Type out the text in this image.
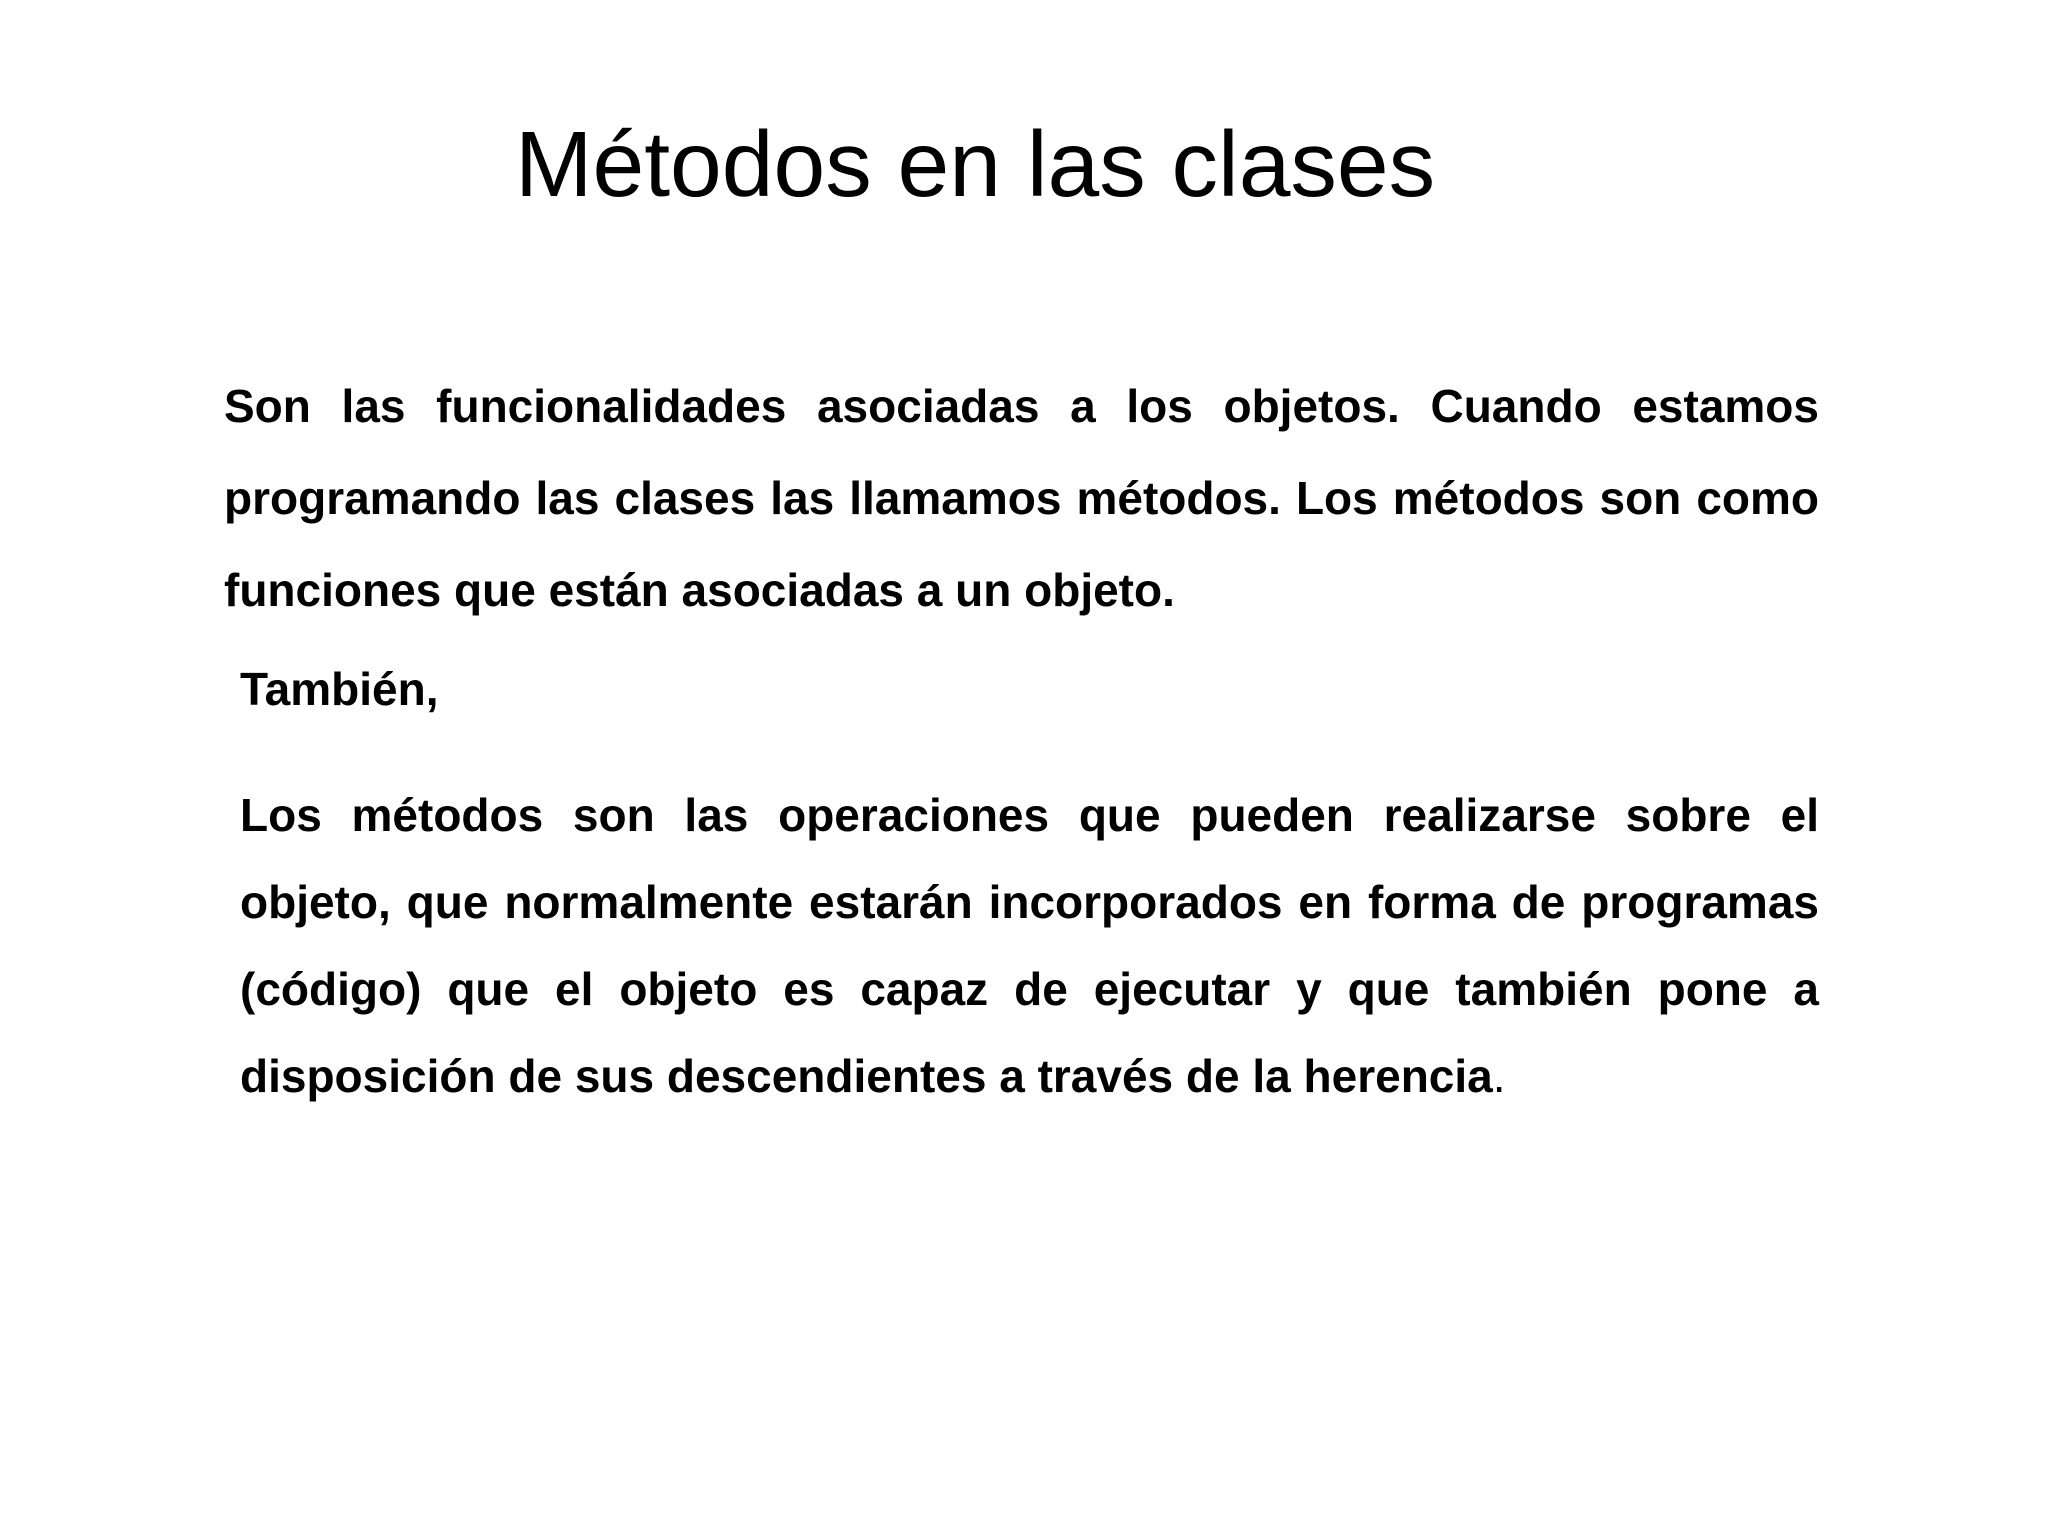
Métodos en las clases

Son las funcionalidades asociadas a los objetos. Cuando estamos programando las clases las llamamos métodos. Los métodos son como funciones que están asociadas a un objeto.

También,

Los métodos son las operaciones que pueden realizarse sobre el objeto, que normalmente estarán incorporados en forma de programas (código) que el objeto es capaz de ejecutar y que también pone a disposición de sus descendientes a través de la herencia.
